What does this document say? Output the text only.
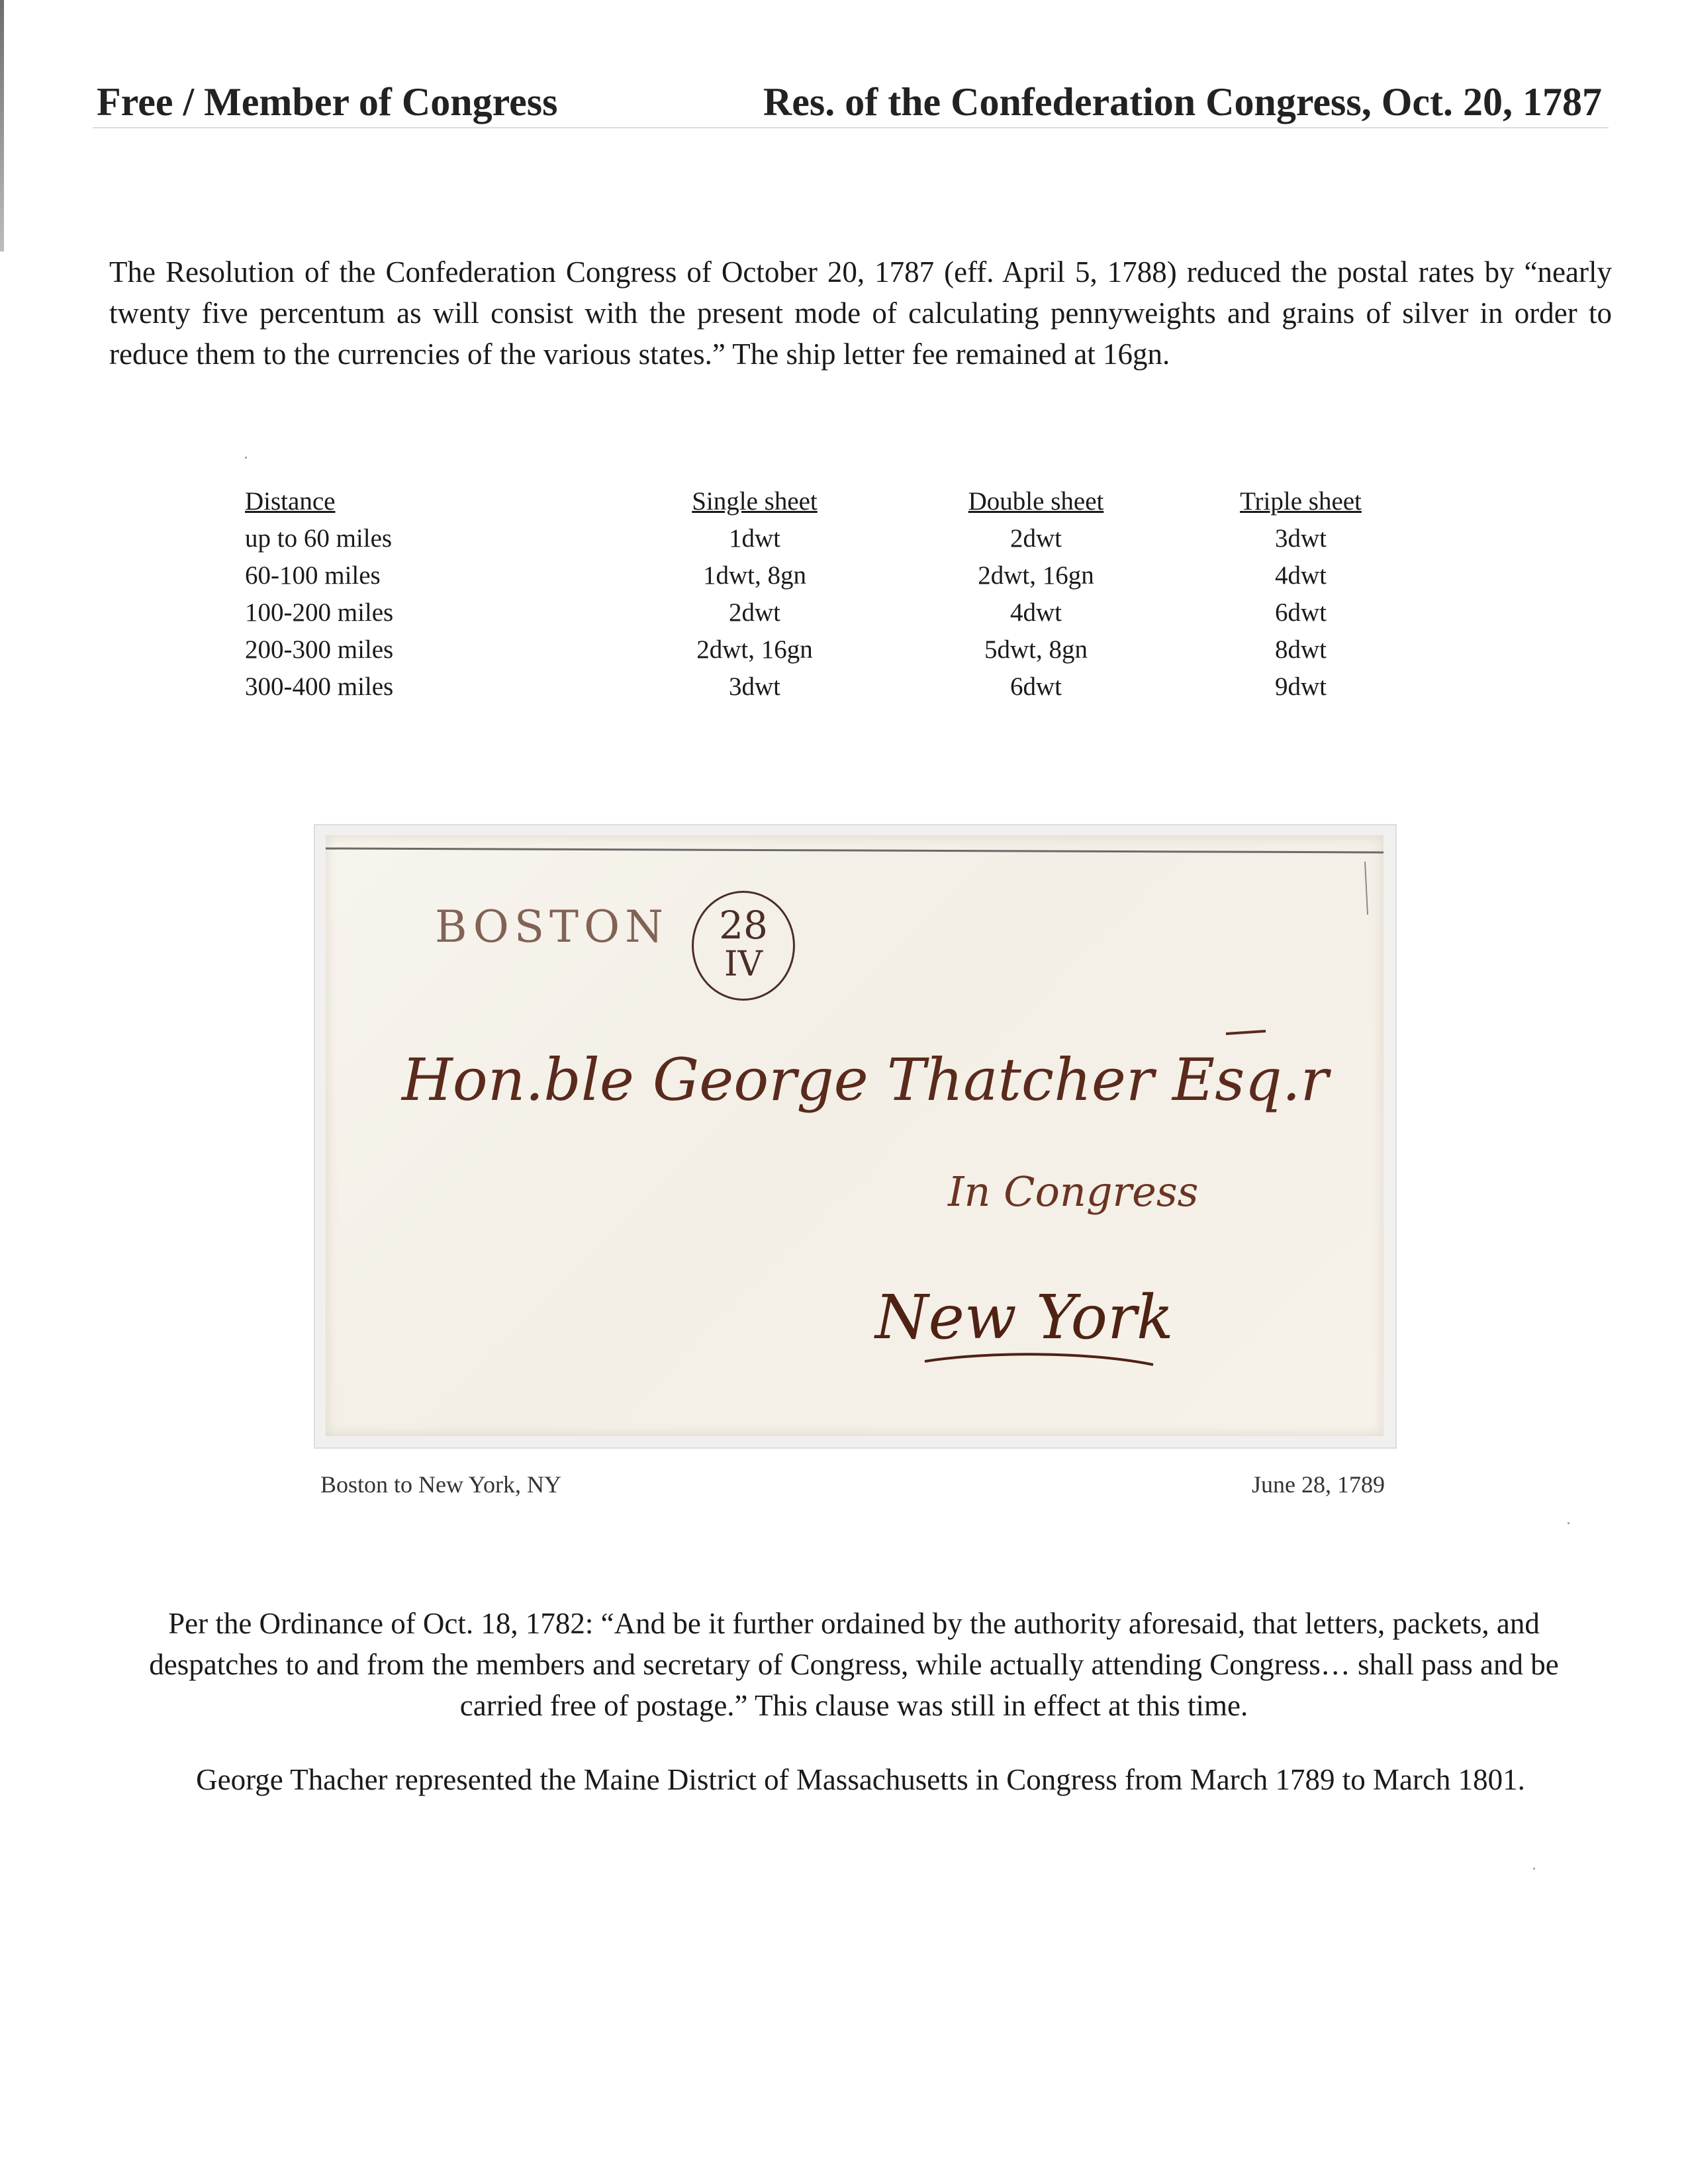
Free / Member of Congress	Res. of the Confederation Congress, Oct. 20, 1787

The Resolution of the Confederation Congress of October 20, 1787 (eff. April 5, 1788) reduced the postal rates by “nearly twenty five percentum as will consist with the present mode of calculating pennyweights and grains of silver in order to reduce them to the currencies of the various states.” The ship letter fee remained at 16gn.

Distance	Single sheet	Double sheet	Triple sheet
up to 60 miles	1dwt	2dwt	3dwt
60-100 miles	1dwt, 8gn	2dwt, 16gn	4dwt
100-200 miles	2dwt	4dwt	6dwt
200-300 miles	2dwt, 16gn	5dwt, 8gn	8dwt
300-400 miles	3dwt	6dwt	9dwt
Hon.ble George Thatcher Esq.r
In Congress
New York
BOSTON	28
IV
Boston to New York, NY	June 28, 1789

Per the Ordinance of Oct. 18, 1782: “And be it further ordained by the authority aforesaid, that letters, packets, and despatches to and from the members and secretary of Congress, while actually attending Congress… shall pass and be carried free of postage.” This clause was still in effect at this time.

George Thacher represented the Maine District of Massachusetts in Congress from March 1789 to March 1801.
